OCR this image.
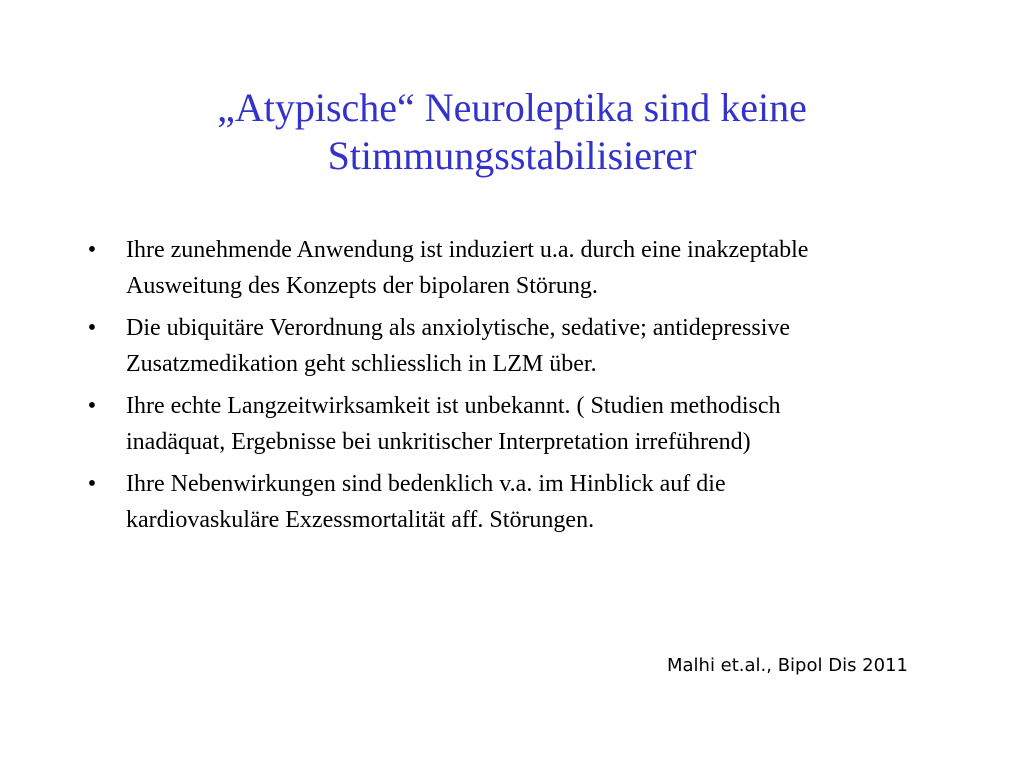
„Atypische“ Neuroleptika sind keine
Stimmungsstabilisierer
• Ihre zunehmende Anwendung ist induziert u.a. durch eine inakzeptable
Ausweitung des Konzepts der bipolaren Störung.
• Die ubiquitäre Verordnung als anxiolytische, sedative; antidepressive
Zusatzmedikation geht schliesslich in LZM über.
• Ihre echte Langzeitwirksamkeit ist unbekannt. ( Studien methodisch
inadäquat, Ergebnisse bei unkritischer Interpretation irreführend)
• Ihre Nebenwirkungen sind bedenklich v.a. im Hinblick auf die
kardiovaskuläre Exzessmortalität aff. Störungen.

Malhi et.al., Bipol Dis 2011
